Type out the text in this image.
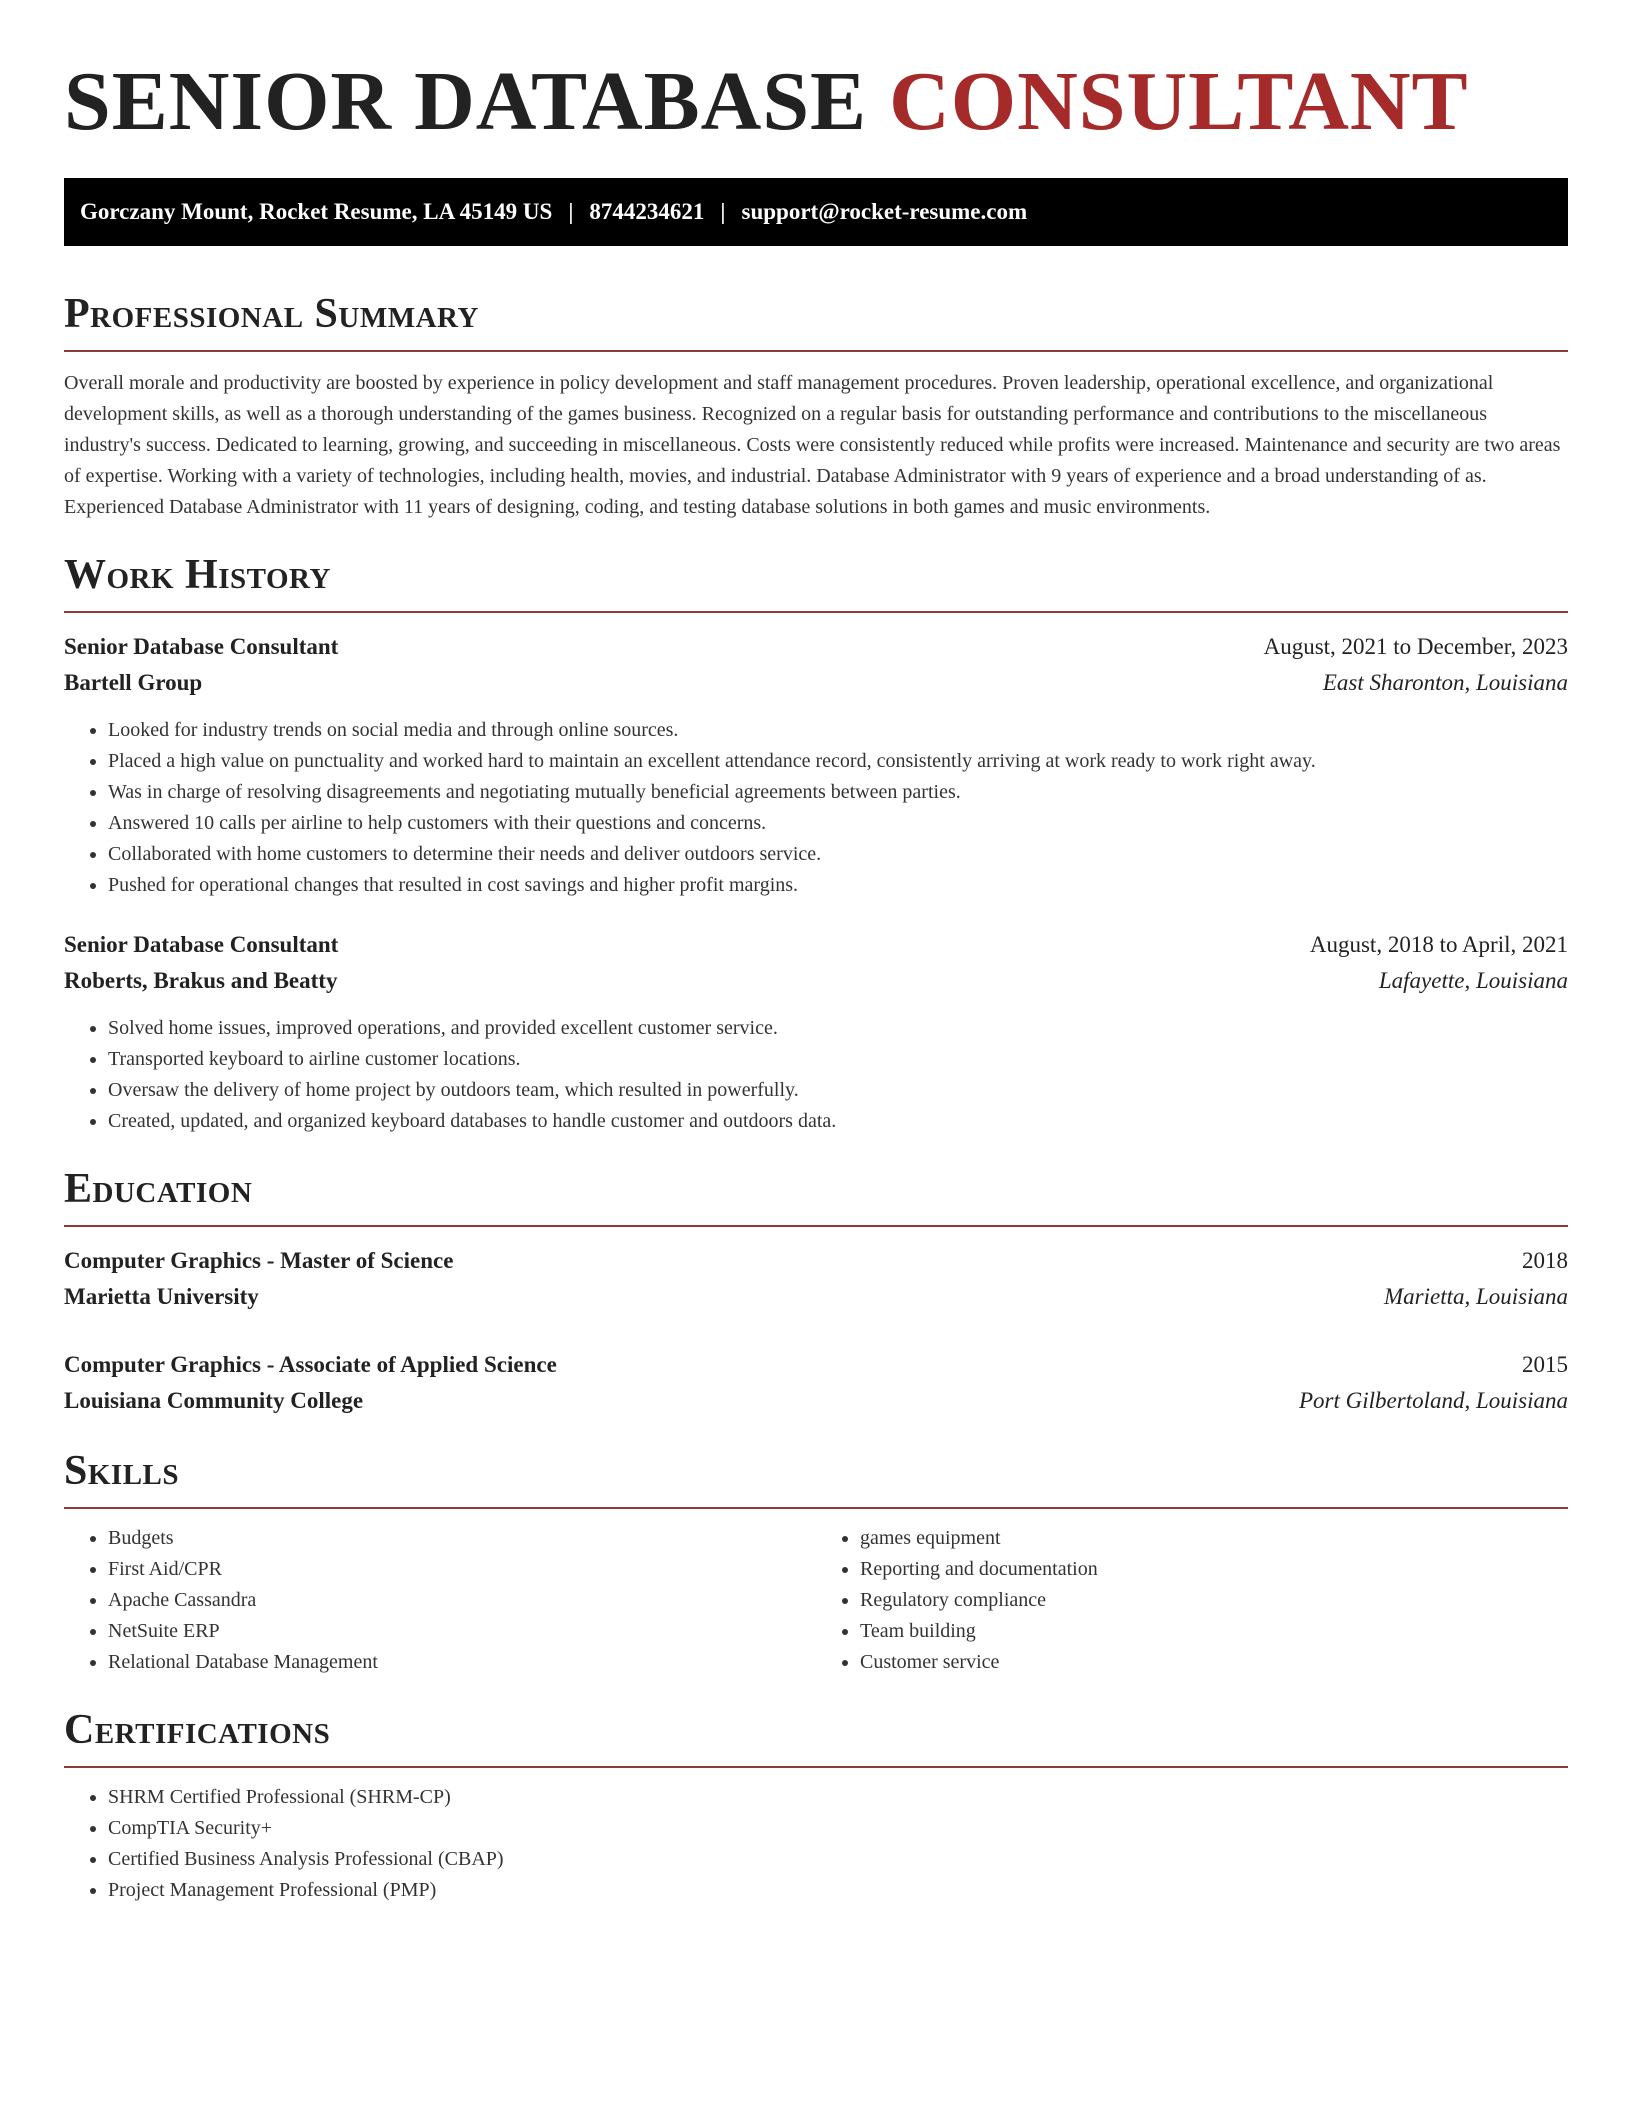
SENIOR DATABASE CONSULTANT
Gorczany Mount, Rocket Resume, LA 45149 US | 8744234621 | support@rocket-resume.com
Professional Summary

Overall morale and productivity are boosted by experience in policy development and staff management procedures. Proven leadership, operational excellence, and organizational development skills, as well as a thorough understanding of the games business. Recognized on a regular basis for outstanding performance and contributions to the miscellaneous industry's success. Dedicated to learning, growing, and succeeding in miscellaneous. Costs were consistently reduced while profits were increased. Maintenance and security are two areas of expertise. Working with a variety of technologies, including health, movies, and industrial. Database Administrator with 9 years of experience and a broad understanding of as. Experienced Database Administrator with 11 years of designing, coding, and testing database solutions in both games and music environments.

Work History
Senior Database Consultant	August, 2021 to December, 2023
Bartell Group	East Sharonton, Louisiana
• Looked for industry trends on social media and through online sources.
• Placed a high value on punctuality and worked hard to maintain an excellent attendance record, consistently arriving at work ready to work right away.
• Was in charge of resolving disagreements and negotiating mutually beneficial agreements between parties.
• Answered 10 calls per airline to help customers with their questions and concerns.
• Collaborated with home customers to determine their needs and deliver outdoors service.
• Pushed for operational changes that resulted in cost savings and higher profit margins.
Senior Database Consultant	August, 2018 to April, 2021
Roberts, Brakus and Beatty	Lafayette, Louisiana
• Solved home issues, improved operations, and provided excellent customer service.
• Transported keyboard to airline customer locations.
• Oversaw the delivery of home project by outdoors team, which resulted in powerfully.
• Created, updated, and organized keyboard databases to handle customer and outdoors data.
Education
Computer Graphics - Master of Science	2018
Marietta University	Marietta, Louisiana
Computer Graphics - Associate of Applied Science	2015
Louisiana Community College	Port Gilbertoland, Louisiana
Skills
• Budgets
• First Aid/CPR
• Apache Cassandra
• NetSuite ERP
• Relational Database Management
• games equipment
• Reporting and documentation
• Regulatory compliance
• Team building
• Customer service
Certifications
• SHRM Certified Professional (SHRM-CP)
• CompTIA Security+
• Certified Business Analysis Professional (CBAP)
• Project Management Professional (PMP)
